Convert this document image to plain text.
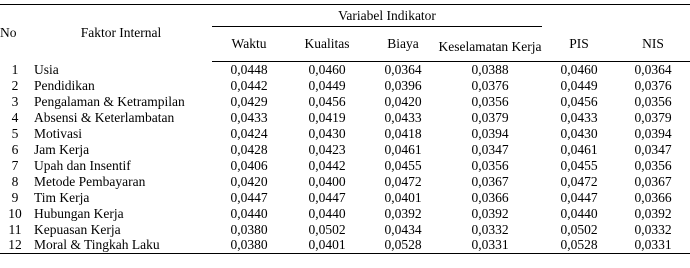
No	Faktor Internal	Variabel Indikator					
		Waktu	Kualitas	Biaya	Keselamatan Kerja	PIS	NIS
1	Usia	0,0448	0,0460	0,0364	0,0388	0,0460	0,0364
2	Pendidikan	0,0442	0,0449	0,0396	0,0376	0,0449	0,0376
3	Pengalaman & Ketrampilan	0,0429	0,0456	0,0420	0,0356	0,0456	0,0356
4	Absensi & Keterlambatan	0,0433	0,0419	0,0433	0,0379	0,0433	0,0379
5	Motivasi	0,0424	0,0430	0,0418	0,0394	0,0430	0,0394
6	Jam Kerja	0,0428	0,0423	0,0461	0,0347	0,0461	0,0347
7	Upah dan Insentif	0,0406	0,0442	0,0455	0,0356	0,0455	0,0356
8	Metode Pembayaran	0,0420	0,0400	0,0472	0,0367	0,0472	0,0367
9	Tim Kerja	0,0447	0,0447	0,0401	0,0366	0,0447	0,0366
10	Hubungan Kerja	0,0440	0,0440	0,0392	0,0392	0,0440	0,0392
11	Kepuasan Kerja	0,0380	0,0502	0,0434	0,0332	0,0502	0,0332
12	Moral & Tingkah Laku	0,0380	0,0401	0,0528	0,0331	0,0528	0,0331
